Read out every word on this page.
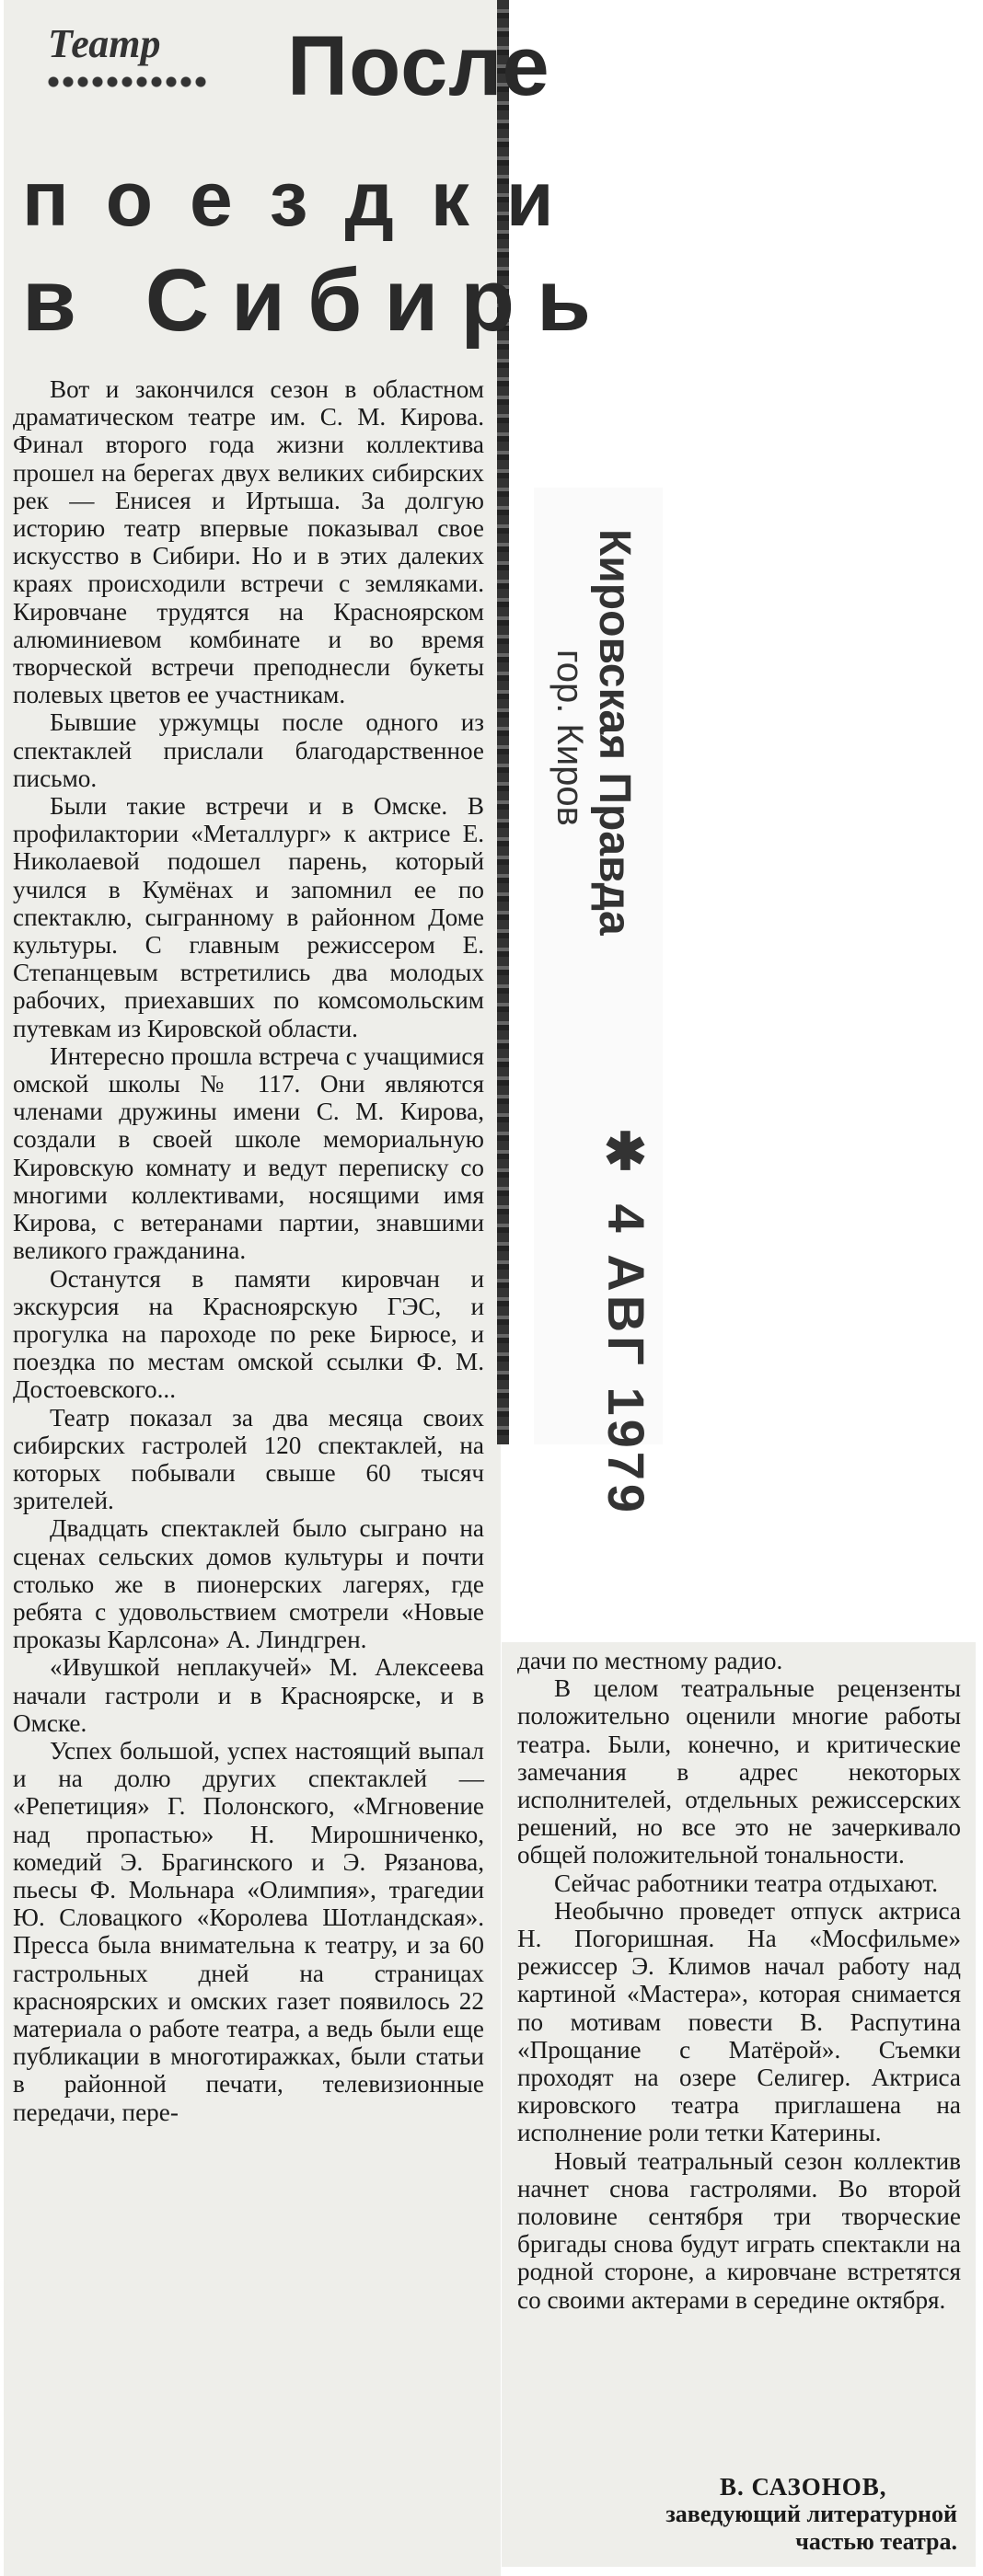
Театр После
поездки
в Сибирь

Вот и закончился сезон в областном драматическом театре им. С. М. Кирова. Финал второго года жизни коллектива прошел на берегах двух великих сибирских рек — Енисея и Иртыша. За долгую историю театр впервые показывал свое искусство в Сибири. Но и в этих далеких краях происходили встречи с земляками. Кировчане трудятся на Красноярском алюминиевом комбинате и во время творческой встречи преподнесли букеты полевых цветов ее участникам.

Бывшие уржумцы после одного из спектаклей прислали благодарственное письмо.

Были такие встречи и в Омске. В профилактории «Металлург» к актрисе Е. Николаевой подошел парень, который учился в Кумёнах и запомнил ее по спектаклю, сыгранному в районном Доме культуры. С главным режиссером Е. Степанцевым встретились два молодых рабочих, приехавших по комсомольским путевкам из Кировской области.

Интересно прошла встреча с учащимися омской школы № 117. Они являются членами дружины имени С. М. Кирова, создали в своей школе мемориальную Кировскую комнату и ведут переписку со многими коллективами, носящими имя Кирова, с ветеранами партии, знавшими великого гражданина.

Останутся в памяти кировчан и экскурсия на Красноярскую ГЭС, и прогулка на пароходе по реке Бирюсе, и поездка по местам омской ссылки Ф. М. Достоевского...

Театр показал за два месяца своих сибирских гастролей 120 спектаклей, на которых побывали свыше 60 тысяч зрителей.

Двадцать спектаклей было сыграно на сценах сельских домов культуры и почти столько же в пионерских лагерях, где ребята с удовольствием смотрели «Новые проказы Карлсона» А. Линдгрен.

«Ивушкой неплакучей» М. Алексеева начали гастроли и в Красноярске, и в Омске.

Успех большой, успех настоящий выпал и на долю других спектаклей — «Репетиция» Г. Полонского, «Мгновение над пропастью» Н. Мирошниченко, комедий Э. Брагинского и Э. Рязанова, пьесы Ф. Мольнара «Олимпия», трагедии Ю. Словацкого «Королева Шотландская». Пресса была внимательна к театру, и за 60 гастрольных дней на страницах красноярских и омских газет появилось 22 материала о работе театра, а ведь были еще публикации в многотиражках, были статьи в районной печати, телевизионные передачи, пере-

Кировская Правда
гор. Киров
✱ 4 АВГ 1979

дачи по местному радио.

В целом театральные рецензенты положительно оценили многие работы театра. Были, конечно, и критические замечания в адрес некоторых исполнителей, отдельных режиссерских решений, но все это не зачеркивало общей положительной тональности.

Сейчас работники театра отдыхают.

Необычно проведет отпуск актриса Н. Погоришная. На «Мосфильме» режиссер Э. Климов начал работу над картиной «Мастера», которая снимается по мотивам повести В. Распутина «Прощание с Матёрой». Съемки проходят на озере Селигер. Актриса кировского театра приглашена на исполнение роли тетки Катерины.

Новый театральный сезон коллектив начнет снова гастролями. Во второй половине сентября три творческие бригады снова будут играть спектакли на родной стороне, а кировчане встретятся со своими актерами в середине октября.

В. САЗОНОВ,
заведующий литературной
частью театра.
